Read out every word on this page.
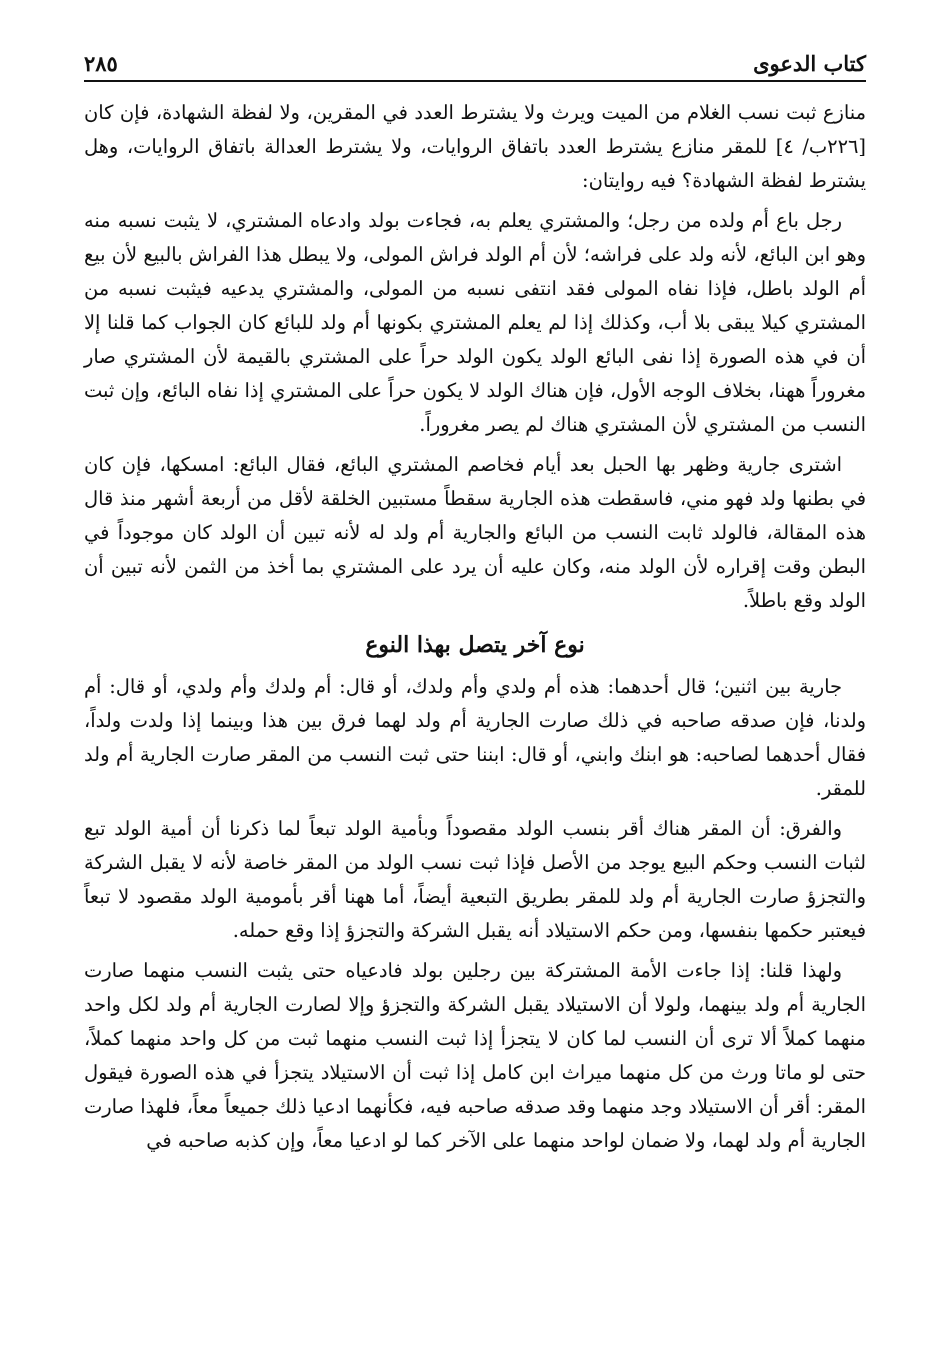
كتاب الدعوى
٢٨٥

منازع ثبت نسب الغلام من الميت ويرث ولا يشترط العدد في المقرين، ولا لفظة الشهادة، فإن كان [٢٢٦ب/ ٤] للمقر منازع يشترط العدد باتفاق الروايات، ولا يشترط العدالة باتفاق الروايات، وهل يشترط لفظة الشهادة؟ فيه روايتان:

رجل باع أم ولده من رجل؛ والمشتري يعلم به، فجاءت بولد وادعاه المشتري، لا يثبت نسبه منه وهو ابن البائع، لأنه ولد على فراشه؛ لأن أم الولد فراش المولى، ولا يبطل هذا الفراش بالبيع لأن بيع أم الولد باطل، فإذا نفاه المولى فقد انتفى نسبه من المولى، والمشتري يدعيه فيثبت نسبه من المشتري كيلا يبقى بلا أب، وكذلك إذا لم يعلم المشتري بكونها أم ولد للبائع كان الجواب كما قلنا إلا أن في هذه الصورة إذا نفى البائع الولد يكون الولد حراً على المشتري بالقيمة لأن المشتري صار مغروراً ههنا، بخلاف الوجه الأول، فإن هناك الولد لا يكون حراً على المشتري إذا نفاه البائع، وإن ثبت النسب من المشتري لأن المشتري هناك لم يصر مغروراً.

اشترى جارية وظهر بها الحبل بعد أيام فخاصم المشتري البائع، فقال البائع: امسكها، فإن كان في بطنها ولد فهو مني، فاسقطت هذه الجارية سقطاً مستبين الخلقة لأقل من أربعة أشهر منذ قال هذه المقالة، فالولد ثابت النسب من البائع والجارية أم ولد له لأنه تبين أن الولد كان موجوداً في البطن وقت إقراره لأن الولد منه، وكان عليه أن يرد على المشتري بما أخذ من الثمن لأنه تبين أن الولد وقع باطلاً.

نوع آخر يتصل بهذا النوع

جارية بين اثنين؛ قال أحدهما: هذه أم ولدي وأم ولدك، أو قال: أم ولدك وأم ولدي، أو قال: أم ولدنا، فإن صدقه صاحبه في ذلك صارت الجارية أم ولد لهما فرق بين هذا وبينما إذا ولدت ولداً، فقال أحدهما لصاحبه: هو ابنك وابني، أو قال: ابننا حتى ثبت النسب من المقر صارت الجارية أم ولد للمقر.

والفرق: أن المقر هناك أقر بنسب الولد مقصوداً وبأمية الولد تبعاً لما ذكرنا أن أمية الولد تبع لثبات النسب وحكم البيع يوجد من الأصل فإذا ثبت نسب الولد من المقر خاصة لأنه لا يقبل الشركة والتجزؤ صارت الجارية أم ولد للمقر بطريق التبعية أيضاً، أما ههنا أقر بأمومية الولد مقصود لا تبعاً فيعتبر حكمها بنفسها، ومن حكم الاستيلاد أنه يقبل الشركة والتجزؤ إذا وقع حمله.

ولهذا قلنا: إذا جاءت الأمة المشتركة بين رجلين بولد فادعياه حتى يثبت النسب منهما صارت الجارية أم ولد بينهما، ولولا أن الاستيلاد يقبل الشركة والتجزؤ وإلا لصارت الجارية أم ولد لكل واحد منهما كملاً ألا ترى أن النسب لما كان لا يتجزأ إذا ثبت النسب منهما ثبت من كل واحد منهما كملاً، حتى لو ماتا ورث من كل منهما ميراث ابن كامل إذا ثبت أن الاستيلاد يتجزأ في هذه الصورة فيقول المقر: أقر أن الاستيلاد وجد منهما وقد صدقه صاحبه فيه، فكأنهما ادعيا ذلك جميعاً معاً، فلهذا صارت الجارية أم ولد لهما، ولا ضمان لواحد منهما على الآخر كما لو ادعيا معاً، وإن كذبه صاحبه في
